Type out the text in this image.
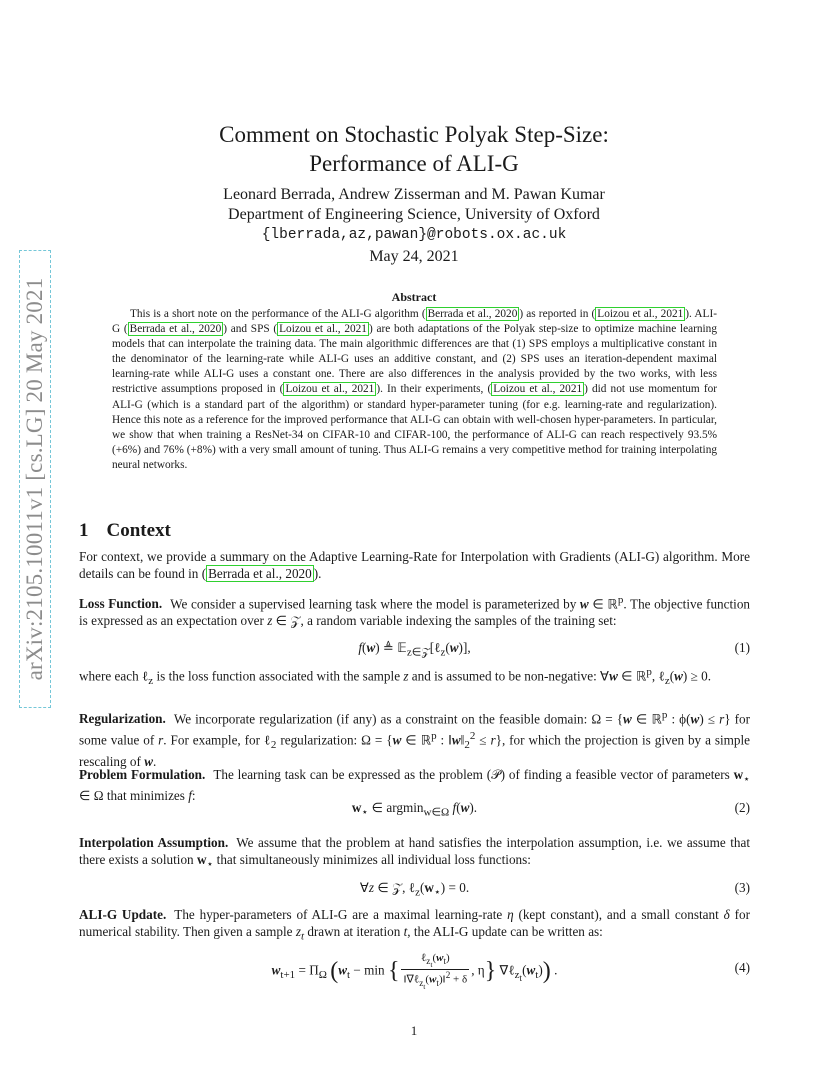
arXiv:2105.10011v1 [cs.LG] 20 May 2021
Comment on Stochastic Polyak Step-Size:
Performance of ALI-G
Leonard Berrada, Andrew Zisserman and M. Pawan Kumar
Department of Engineering Science, University of Oxford
{lberrada,az,pawan}@robots.ox.ac.uk
May 24, 2021
Abstract
This is a short note on the performance of the ALI-G algorithm ( Berrada et al., 2020 ) as reported in ( Loizou et al., 2021 ). ALI-G ( Berrada et al., 2020 ) and SPS ( Loizou et al., 2021 ) are both adaptations of the Polyak step-size to optimize machine learning models that can interpolate the training data. The main algorithmic differences are that (1) SPS employs a multiplicative constant in the denominator of the learning-rate while ALI-G uses an additive constant, and (2) SPS uses an iteration-dependent maximal learning-rate while ALI-G uses a constant one. There are also differences in the analysis provided by the two works, with less restrictive assumptions proposed in ( Loizou et al., 2021 ). In their experiments, ( Loizou et al., 2021 ) did not use momentum for ALI-G (which is a standard part of the algorithm) or standard hyper-parameter tuning (for e.g. learning-rate and regularization). Hence this note as a reference for the improved performance that ALI-G can obtain with well-chosen hyper-parameters. In particular, we show that when training a ResNet-34 on CIFAR-10 and CIFAR-100, the performance of ALI-G can reach respectively 93.5% (+6%) and 76% (+8%) with a very small amount of tuning. Thus ALI-G remains a very competitive method for training interpolating neural networks.
1 Context
For context, we provide a summary on the Adaptive Learning-Rate for Interpolation with Gradients (ALI-G) algorithm. More details can be found in ( Berrada et al., 2020 ).
Loss Function. We consider a supervised learning task where the model is parameterized by w ∈ ℝ$^p$. The objective function is expressed as an expectation over z ∈ 𝒵, a random variable indexing the samples of the training set:
f(w) ≜ 𝔼$_{z\in 𝒵}$[ℓ$_z$(w)],	(1)
where each ℓ$_z$ is the loss function associated with the sample z and is assumed to be non-negative: ∀w ∈ ℝ$^p$, ℓ$_z$(w) ≥ 0.
Regularization. We incorporate regularization (if any) as a constraint on the feasible domain: Ω = {w ∈ ℝ$^p$ : ϕ(w) ≤ r} for some value of r. For example, for ℓ$_2$ regularization: Ω = {w ∈ ℝ$^p$ : $‖w‖_2^2 \le r$}, for which the projection is given by a simple rescaling of w.
Problem Formulation. The learning task can be expressed as the problem (𝒫) of finding a feasible vector of parameters $w_⋆$ ∈ Ω that minimizes f:
$w_⋆$ ∈ argmin$_{w\in\Omega}$ f(w).	(2)
Interpolation Assumption. We assume that the problem at hand satisfies the interpolation assumption, i.e. we assume that there exists a solution $w_⋆$ that simultaneously minimizes all individual loss functions:
∀z ∈ 𝒵, $\ell_z(w_⋆) = 0$.	(3)
ALI-G Update. The hyper-parameters of ALI-G are a maximal learning-rate η (kept constant), and a small constant δ for numerical stability. Then given a sample $z_t$ drawn at iteration t, the ALI-G update can be written as:
$w_{t+1} = \Pi_\Omega$ ($w_t - \min$ { $\frac{\ell_{z_t}(w_t)}{‖\nabla\ell_{z_t}(w_t)‖^2 + \delta}$ , η} $\nabla\ell_{z_t}(w_t)$) .	(4)
1
